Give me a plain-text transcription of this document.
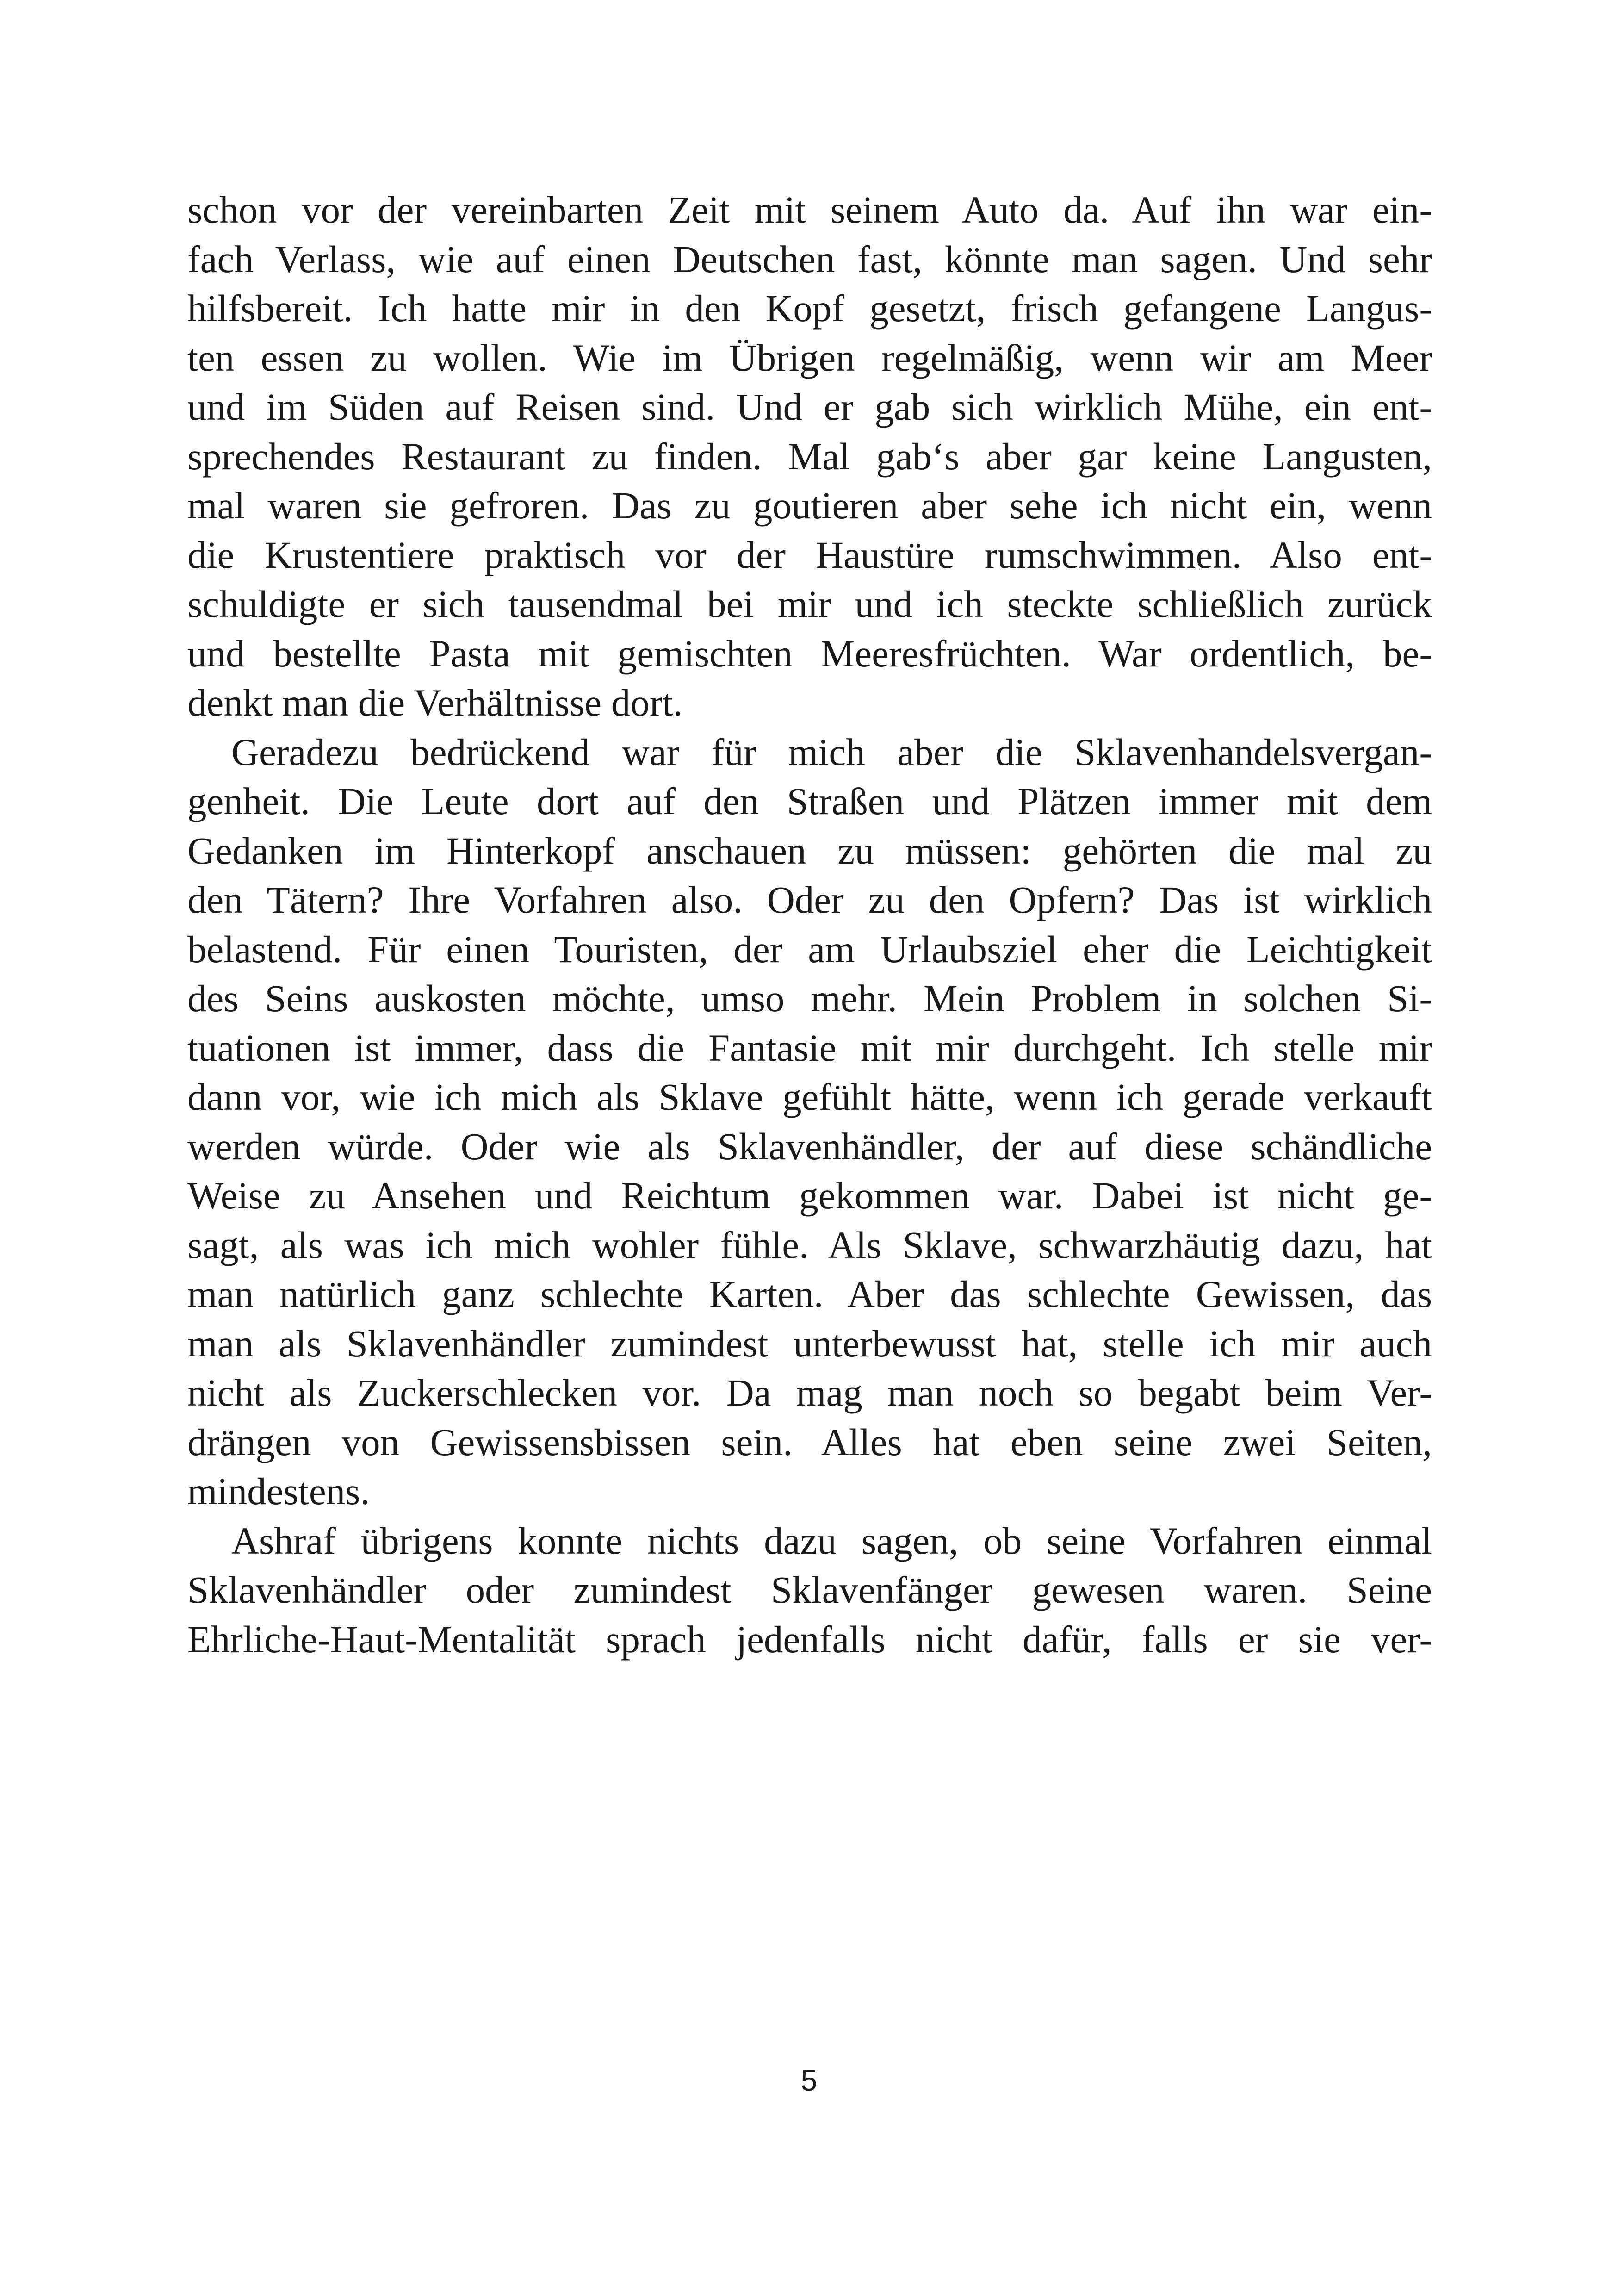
schon vor der vereinbarten Zeit mit seinem Auto da. Auf ihn war ein-
fach Verlass, wie auf einen Deutschen fast, könnte man sagen. Und sehr
hilfsbereit. Ich hatte mir in den Kopf gesetzt, frisch gefangene Langus-
ten essen zu wollen. Wie im Übrigen regelmäßig, wenn wir am Meer
und im Süden auf Reisen sind. Und er gab sich wirklich Mühe, ein ent-
sprechendes Restaurant zu finden. Mal gab‘s aber gar keine Langusten,
mal waren sie gefroren. Das zu goutieren aber sehe ich nicht ein, wenn
die Krustentiere praktisch vor der Haustüre rumschwimmen. Also ent-
schuldigte er sich tausendmal bei mir und ich steckte schließlich zurück
und bestellte Pasta mit gemischten Meeresfrüchten. War ordentlich, be-
denkt man die Verhältnisse dort.
Geradezu bedrückend war für mich aber die Sklavenhandelsvergan-
genheit. Die Leute dort auf den Straßen und Plätzen immer mit dem
Gedanken im Hinterkopf anschauen zu müssen: gehörten die mal zu
den Tätern? Ihre Vorfahren also. Oder zu den Opfern? Das ist wirklich
belastend. Für einen Touristen, der am Urlaubsziel eher die Leichtigkeit
des Seins auskosten möchte, umso mehr. Mein Problem in solchen Si-
tuationen ist immer, dass die Fantasie mit mir durchgeht. Ich stelle mir
dann vor, wie ich mich als Sklave gefühlt hätte, wenn ich gerade verkauft
werden würde. Oder wie als Sklavenhändler, der auf diese schändliche
Weise zu Ansehen und Reichtum gekommen war. Dabei ist nicht ge-
sagt, als was ich mich wohler fühle. Als Sklave, schwarzhäutig dazu, hat
man natürlich ganz schlechte Karten. Aber das schlechte Gewissen, das
man als Sklavenhändler zumindest unterbewusst hat, stelle ich mir auch
nicht als Zuckerschlecken vor. Da mag man noch so begabt beim Ver-
drängen von Gewissensbissen sein. Alles hat eben seine zwei Seiten,
mindestens.
Ashraf übrigens konnte nichts dazu sagen, ob seine Vorfahren einmal
Sklavenhändler oder zumindest Sklavenfänger gewesen waren. Seine
Ehrliche-Haut-Mentalität sprach jedenfalls nicht dafür, falls er sie ver-
5
